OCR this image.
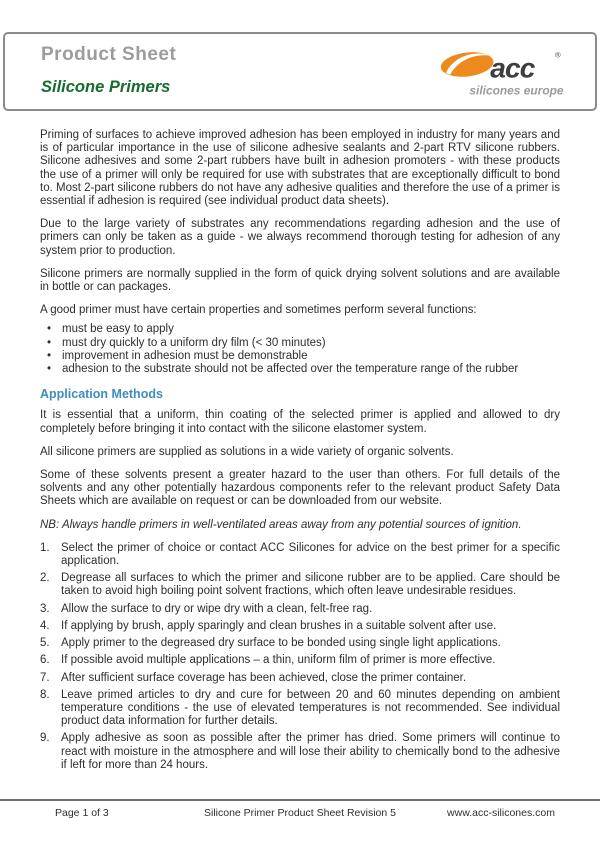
Product Sheet
Silicone Primers
acc ®
silicones europe

Priming of surfaces to achieve improved adhesion has been employed in industry for many years and is of particular importance in the use of silicone adhesive sealants and 2-part RTV silicone rubbers. Silicone adhesives and some 2-part rubbers have built in adhesion promoters - with these products the use of a primer will only be required for use with substrates that are exceptionally difficult to bond to. Most 2-part silicone rubbers do not have any adhesive qualities and therefore the use of a primer is essential if adhesion is required (see individual product data sheets).

Due to the large variety of substrates any recommendations regarding adhesion and the use of primers can only be taken as a guide - we always recommend thorough testing for adhesion of any system prior to production.

Silicone primers are normally supplied in the form of quick drying solvent solutions and are available in bottle or can packages.

A good primer must have certain properties and sometimes perform several functions:

• must be easy to apply
• must dry quickly to a uniform dry film (< 30 minutes)
• improvement in adhesion must be demonstrable
• adhesion to the substrate should not be affected over the temperature range of the rubber
Application Methods

It is essential that a uniform, thin coating of the selected primer is applied and allowed to dry completely before bringing it into contact with the silicone elastomer system.

All silicone primers are supplied as solutions in a wide variety of organic solvents.

Some of these solvents present a greater hazard to the user than others. For full details of the solvents and any other potentially hazardous components refer to the relevant product Safety Data Sheets which are available on request or can be downloaded from our website.

NB: Always handle primers in well-ventilated areas away from any potential sources of ignition.

1. Select the primer of choice or contact ACC Silicones for advice on the best primer for a specific application.
2. Degrease all surfaces to which the primer and silicone rubber are to be applied. Care should be taken to avoid high boiling point solvent fractions, which often leave undesirable residues.
3. Allow the surface to dry or wipe dry with a clean, felt-free rag.
4. If applying by brush, apply sparingly and clean brushes in a suitable solvent after use.
5. Apply primer to the degreased dry surface to be bonded using single light applications.
6. If possible avoid multiple applications – a thin, uniform film of primer is more effective.
7. After sufficient surface coverage has been achieved, close the primer container.
8. Leave primed articles to dry and cure for between 20 and 60 minutes depending on ambient temperature conditions - the use of elevated temperatures is not recommended. See individual product data information for further details.
9. Apply adhesive as soon as possible after the primer has dried. Some primers will continue to react with moisture in the atmosphere and will lose their ability to chemically bond to the adhesive if left for more than 24 hours.
Page 1 of 3	Silicone Primer Product Sheet Revision 5	www.acc-silicones.com
